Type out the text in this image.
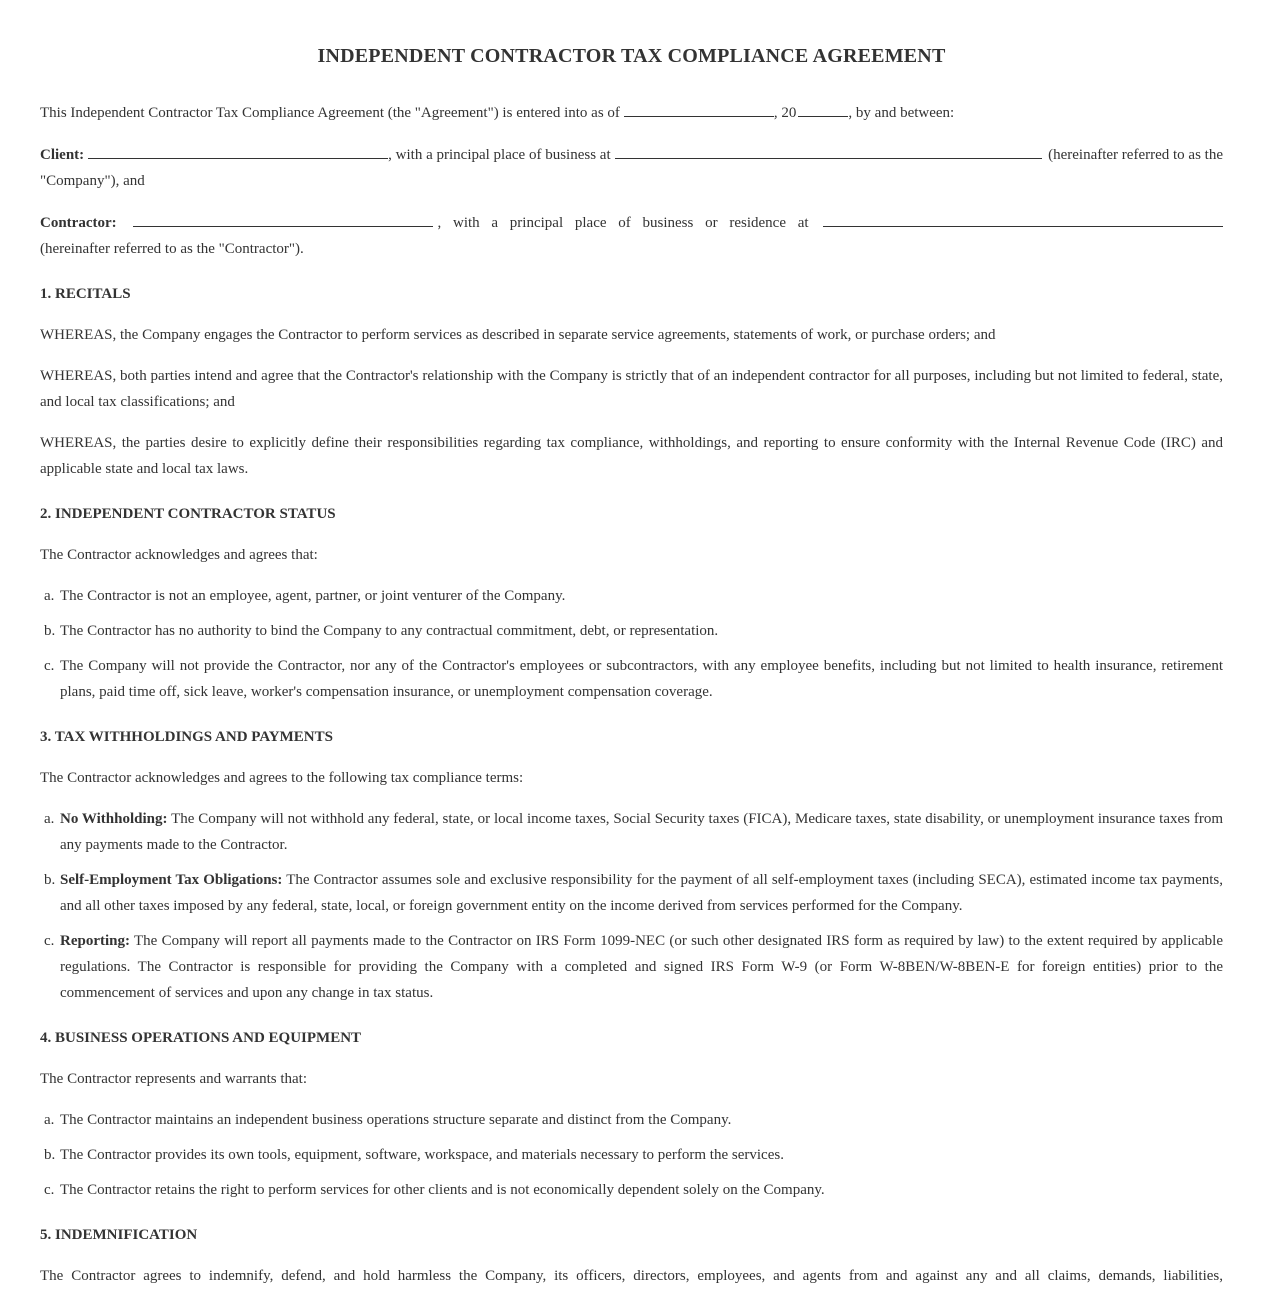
INDEPENDENT CONTRACTOR TAX COMPLIANCE AGREEMENT

This Independent Contractor Tax Compliance Agreement (the "Agreement") is entered into as of	, 20	, by and between:

Client:	, with a principal place of business at	(hereinafter referred to as the
"Company"), and
Contractor:	, with a principal place of business or residence at
(hereinafter referred to as the "Contractor").
1. RECITALS

WHEREAS, the Company engages the Contractor to perform services as described in separate service agreements, statements of work, or purchase orders; and

WHEREAS, both parties intend and agree that the Contractor's relationship with the Company is strictly that of an independent contractor for all purposes, including but not limited to federal, state, and local tax classifications; and

WHEREAS, the parties desire to explicitly define their responsibilities regarding tax compliance, withholdings, and reporting to ensure conformity with the Internal Revenue Code (IRC) and applicable state and local tax laws.

2. INDEPENDENT CONTRACTOR STATUS

The Contractor acknowledges and agrees that:

a. The Contractor is not an employee, agent, partner, or joint venturer of the Company.
b. The Contractor has no authority to bind the Company to any contractual commitment, debt, or representation.
c. The Company will not provide the Contractor, nor any of the Contractor's employees or subcontractors, with any employee benefits, including but not limited to health insurance, retirement plans, paid time off, sick leave, worker's compensation insurance, or unemployment compensation coverage.
3. TAX WITHHOLDINGS AND PAYMENTS

The Contractor acknowledges and agrees to the following tax compliance terms:

a. No Withholding: The Company will not withhold any federal, state, or local income taxes, Social Security taxes (FICA), Medicare taxes, state disability, or unemployment insurance taxes from any payments made to the Contractor.
b. Self-Employment Tax Obligations: The Contractor assumes sole and exclusive responsibility for the payment of all self-employment taxes (including SECA), estimated income tax payments, and all other taxes imposed by any federal, state, local, or foreign government entity on the income derived from services performed for the Company.
c. Reporting: The Company will report all payments made to the Contractor on IRS Form 1099-NEC (or such other designated IRS form as required by law) to the extent required by applicable regulations. The Contractor is responsible for providing the Company with a completed and signed IRS Form W-9 (or Form W-8BEN/W-8BEN-E for foreign entities) prior to the commencement of services and upon any change in tax status.
4. BUSINESS OPERATIONS AND EQUIPMENT

The Contractor represents and warrants that:

a. The Contractor maintains an independent business operations structure separate and distinct from the Company.
b. The Contractor provides its own tools, equipment, software, workspace, and materials necessary to perform the services.
c. The Contractor retains the right to perform services for other clients and is not economically dependent solely on the Company.
5. INDEMNIFICATION

The Contractor agrees to indemnify, defend, and hold harmless the Company, its officers, directors, employees, and agents from and against any and all claims, demands, liabilities,
